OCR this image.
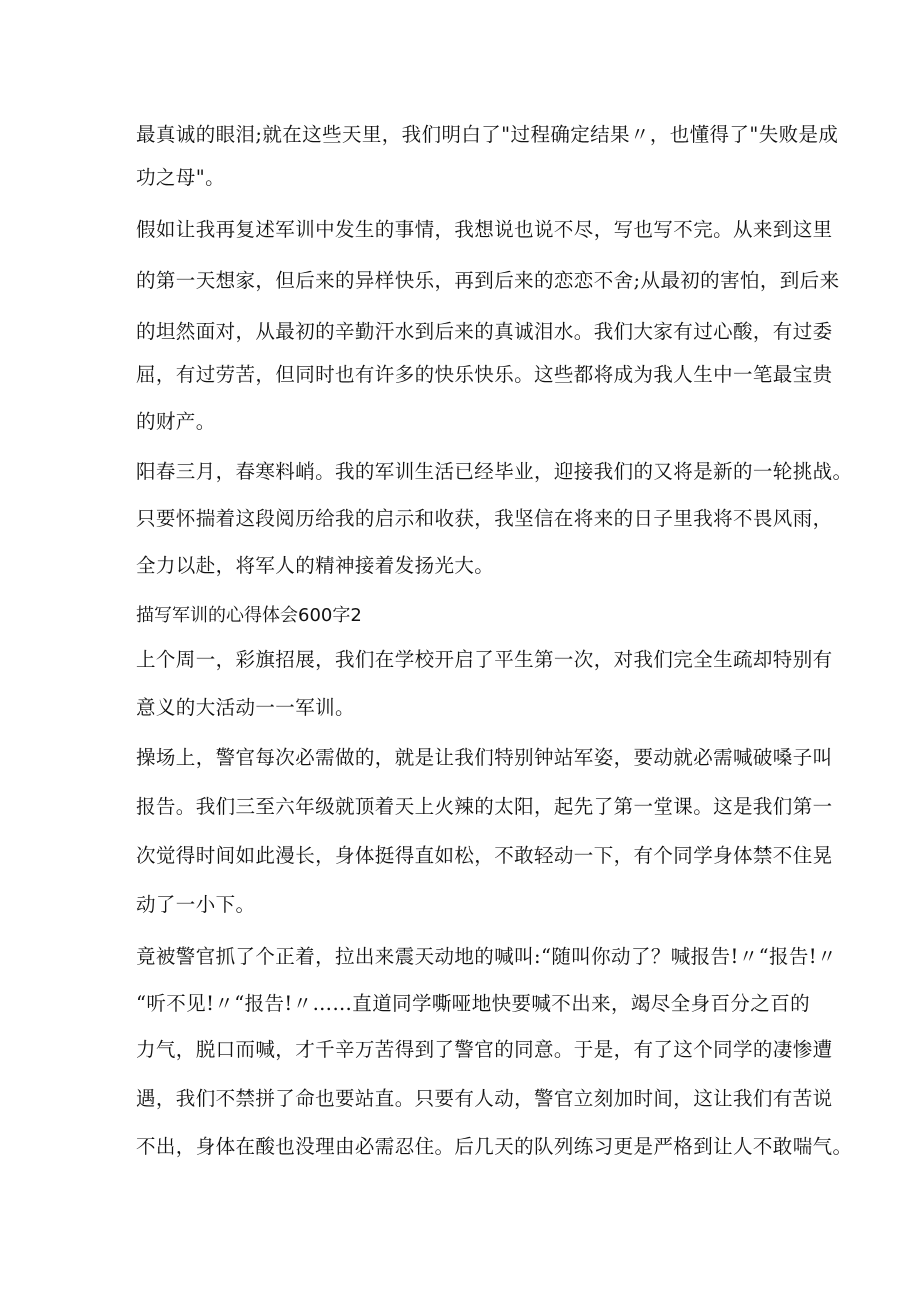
最真诚的眼泪;就在这些天里，我们明白了"过程确定结果〃，也懂得了"失败是成
功之母"。
假如让我再复述军训中发生的事情，我想说也说不尽，写也写不完。从来到这里
的第一天想家，但后来的异样快乐，再到后来的恋恋不舍;从最初的害怕，到后来
的坦然面对，从最初的辛勤汗水到后来的真诚泪水。我们大家有过心酸，有过委
屈，有过劳苦，但同时也有许多的快乐快乐。这些都将成为我人生中一笔最宝贵
的财产。
阳春三月，春寒料峭。我的军训生活已经毕业，迎接我们的又将是新的一轮挑战。
只要怀揣着这段阅历给我的启示和收获，我坚信在将来的日子里我将不畏风雨，
全力以赴，将军人的精神接着发扬光大。
描写军训的心得体会600字2
上个周一，彩旗招展，我们在学校开启了平生第一次，对我们完全生疏却特别有
意义的大活动一一军训。
操场上，警官每次必需做的，就是让我们特别钟站军姿，要动就必需喊破嗓子叫
报告。我们三至六年级就顶着天上火辣的太阳，起先了第一堂课。这是我们第一
次觉得时间如此漫长，身体挺得直如松，不敢轻动一下，有个同学身体禁不住晃
动了一小下。
竟被警官抓了个正着，拉出来震天动地的喊叫:“随叫你动了？喊报告!〃“报告!〃
“听不见!〃“报告!〃……直道同学嘶哑地快要喊不出来，竭尽全身百分之百的
力气，脱口而喊，才千辛万苦得到了警官的同意。于是，有了这个同学的凄惨遭
遇，我们不禁拼了命也要站直。只要有人动，警官立刻加时间，这让我们有苦说
不出，身体在酸也没理由必需忍住。后几天的队列练习更是严格到让人不敢喘气。
